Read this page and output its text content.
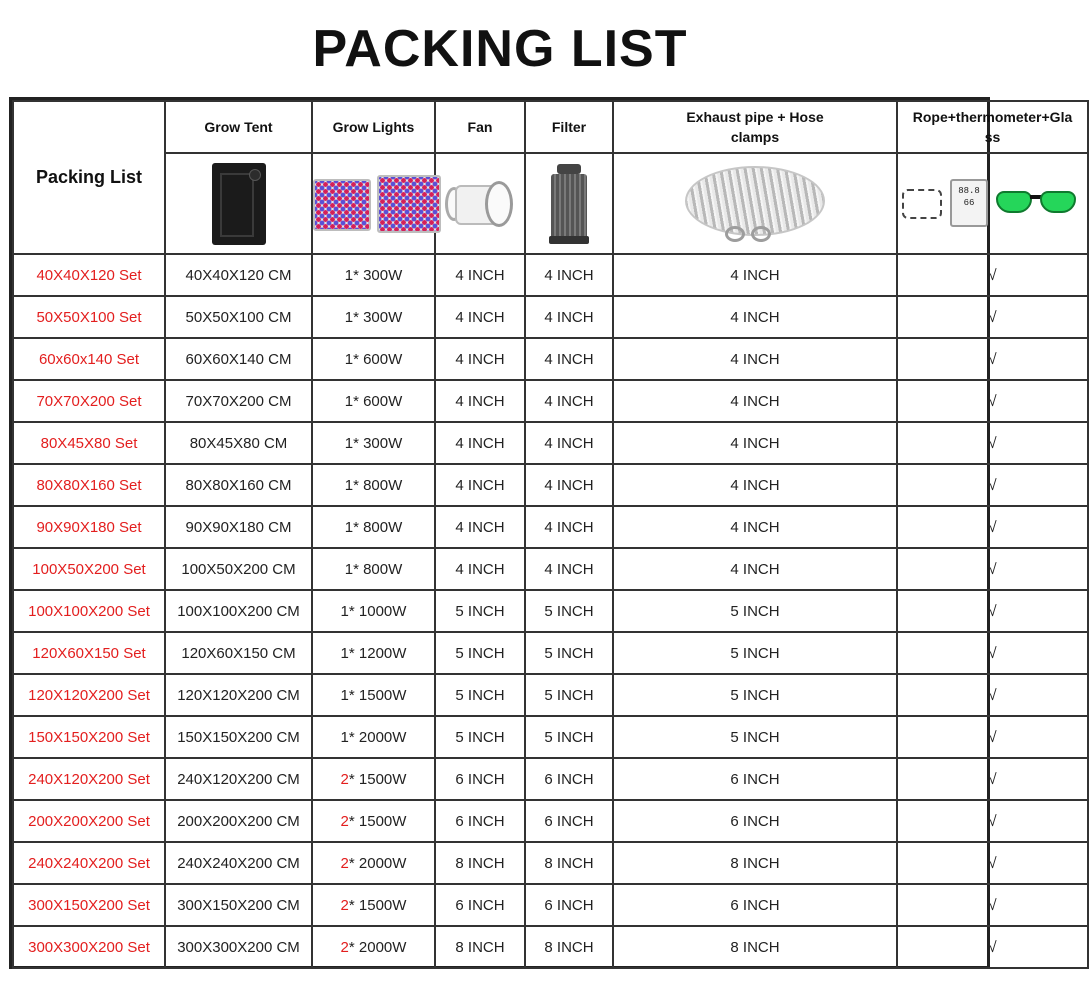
PACKING LIST
Packing List	Grow Tent	Grow Lights	Fan	Filter	Exhaust pipe + Hose
clamps	Rope+thermometer+Gla
ss

						88.8 66

40X40X120 Set	40X40X120 CM	1* 300W	4 INCH	4 INCH	4 INCH	√
50X50X100 Set	50X50X100 CM	1* 300W	4 INCH	4 INCH	4 INCH	√
60x60x140 Set	60X60X140 CM	1* 600W	4 INCH	4 INCH	4 INCH	√
70X70X200 Set	70X70X200 CM	1* 600W	4 INCH	4 INCH	4 INCH	√
80X45X80 Set	80X45X80 CM	1* 300W	4 INCH	4 INCH	4 INCH	√
80X80X160 Set	80X80X160 CM	1* 800W	4 INCH	4 INCH	4 INCH	√
90X90X180 Set	90X90X180 CM	1* 800W	4 INCH	4 INCH	4 INCH	√
100X50X200 Set	100X50X200 CM	1* 800W	4 INCH	4 INCH	4 INCH	√
100X100X200 Set	100X100X200 CM	1* 1000W	5 INCH	5 INCH	5 INCH	√
120X60X150 Set	120X60X150 CM	1* 1200W	5 INCH	5 INCH	5 INCH	√
120X120X200 Set	120X120X200 CM	1* 1500W	5 INCH	5 INCH	5 INCH	√
150X150X200 Set	150X150X200 CM	1* 2000W	5 INCH	5 INCH	5 INCH	√
240X120X200 Set	240X120X200 CM	2* 1500W	6 INCH	6 INCH	6 INCH	√
200X200X200 Set	200X200X200 CM	2* 1500W	6 INCH	6 INCH	6 INCH	√
240X240X200 Set	240X240X200 CM	2* 2000W	8 INCH	8 INCH	8 INCH	√
300X150X200 Set	300X150X200 CM	2* 1500W	6 INCH	6 INCH	6 INCH	√
300X300X200 Set	300X300X200 CM	2* 2000W	8 INCH	8 INCH	8 INCH	√
